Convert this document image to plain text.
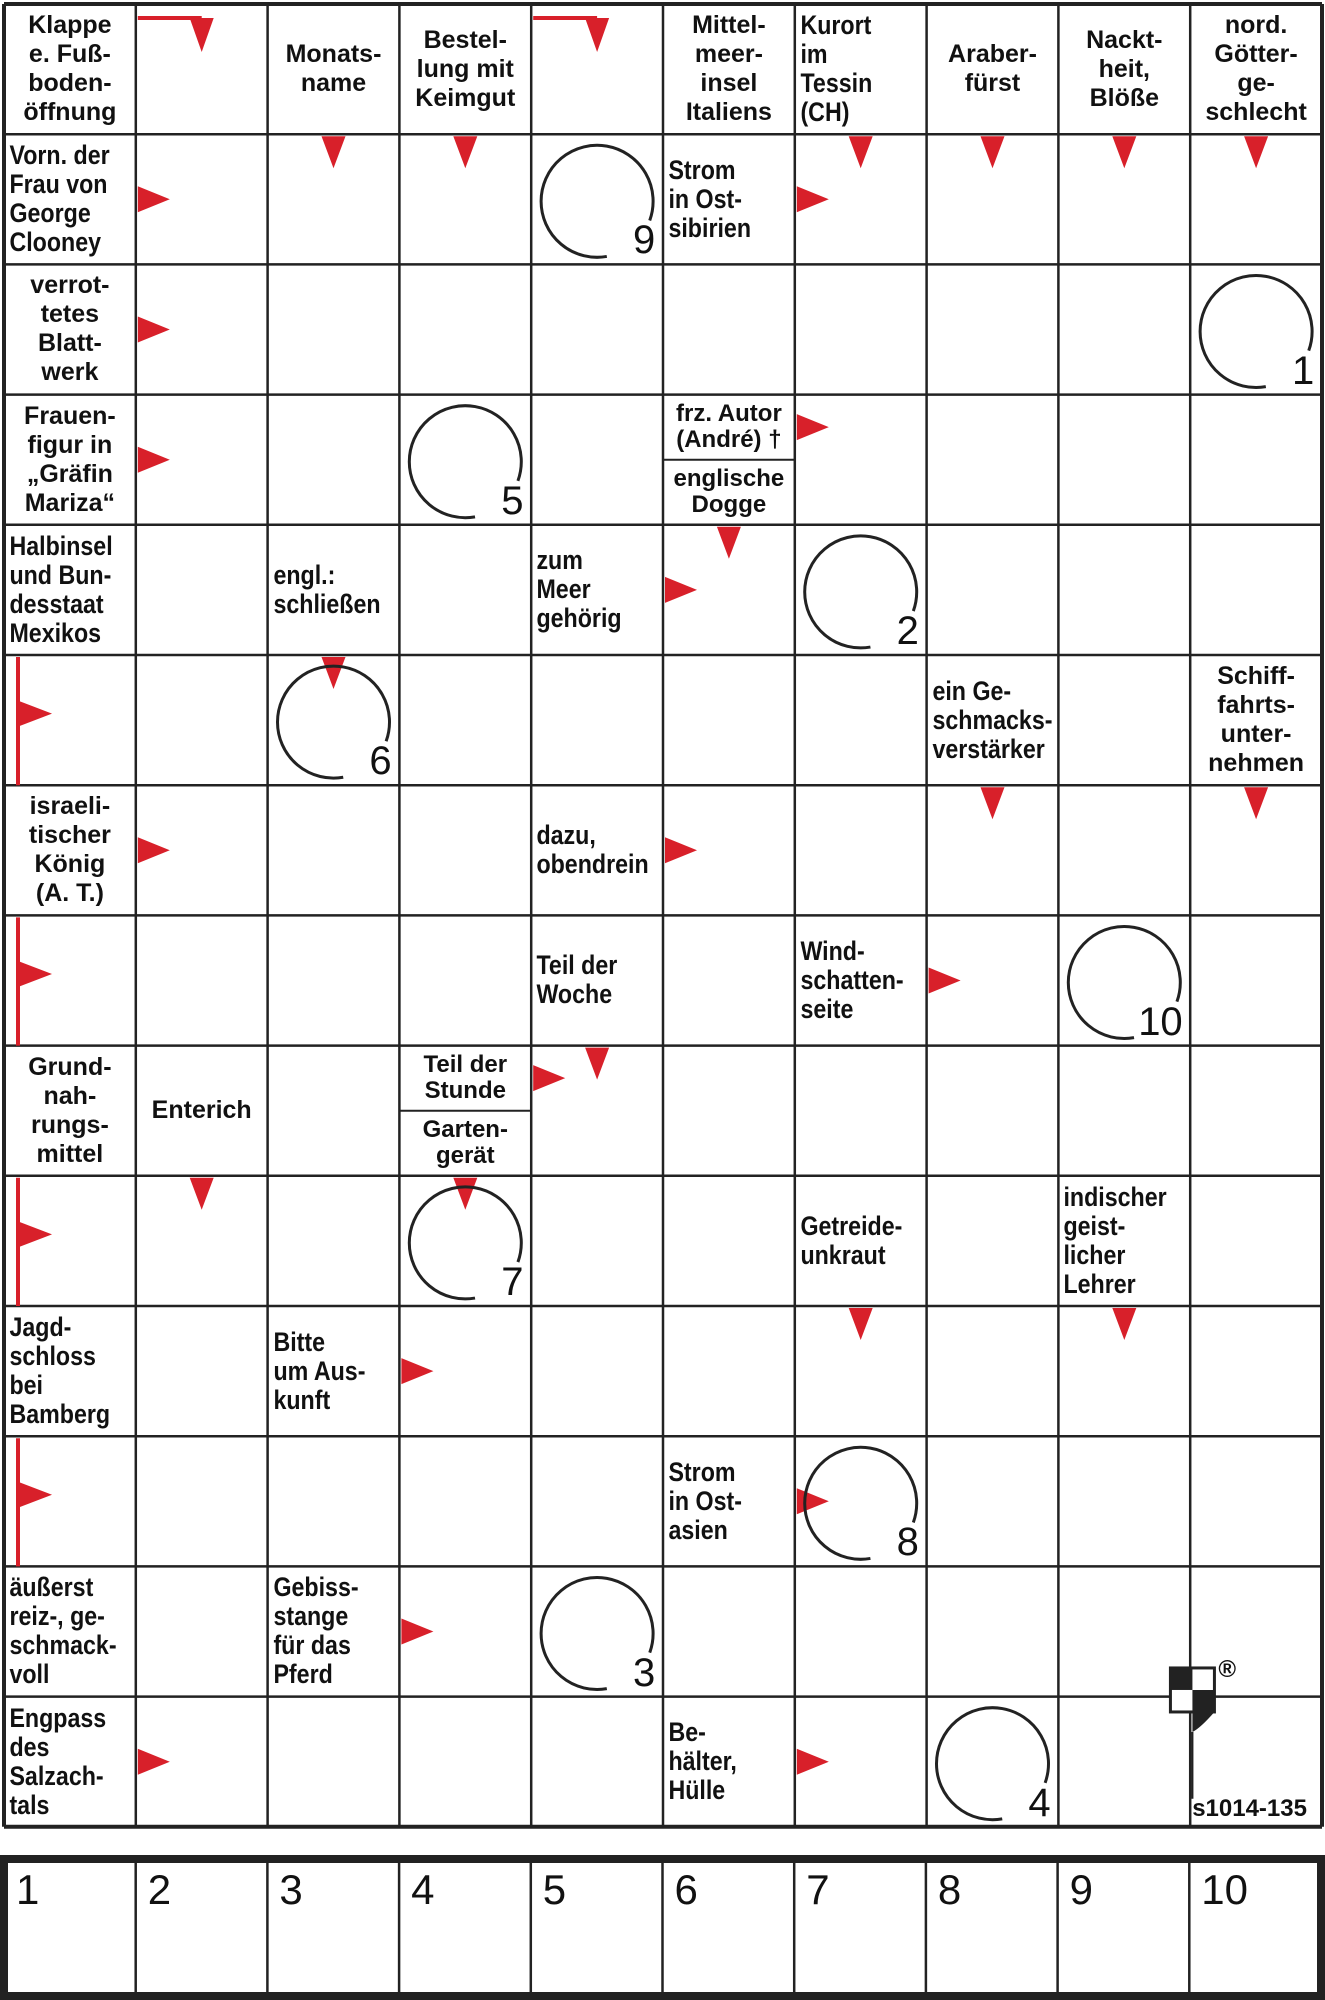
Klappe
e. Fuß-
boden-
öffnung
Monats-
name
Bestel-
lung mit
Keimgut
Mittel-
meer-
insel
Italiens
Kurort
im
Tessin
(CH)
Araber-
fürst
Nackt-
heit,
Blöße
nord.
Götter-
ge-
schlecht
Vorn. der
Frau von
George
Clooney
Strom
in Ost-
sibirien
verrot-
tetes
Blatt-
werk
Frauen-
figur in
„Gräfin
Mariza“
frz. Autor
(André) †
englische
Dogge
Halbinsel
und Bun-
desstaat
Mexikos
engl.:
schließen
zum
Meer
gehörig
ein Ge-
schmacks-
verstärker
Schiff-
fahrts-
unter-
nehmen
israeli-
tischer
König
(A. T.)
dazu,
obendrein
Teil der
Woche
Wind-
schatten-
seite
Grund-
nah-
rungs-
mittel
Enterich
Teil der
Stunde
Garten-
gerät
Getreide-
unkraut
indischer
geist-
licher
Lehrer
Jagd-
schloss
bei
Bamberg
Bitte
um Aus-
kunft
Strom
in Ost-
asien
äußerst
reiz-, ge-
schmack-
voll
Gebiss-
stange
für das
Pferd
Engpass
des
Salzach-
tals
Be-
hälter,
Hülle
9
1
5
2
6
10
7
8
3
4
®
s1014-135
1	2	3	4	5	6	7	8	9	10
